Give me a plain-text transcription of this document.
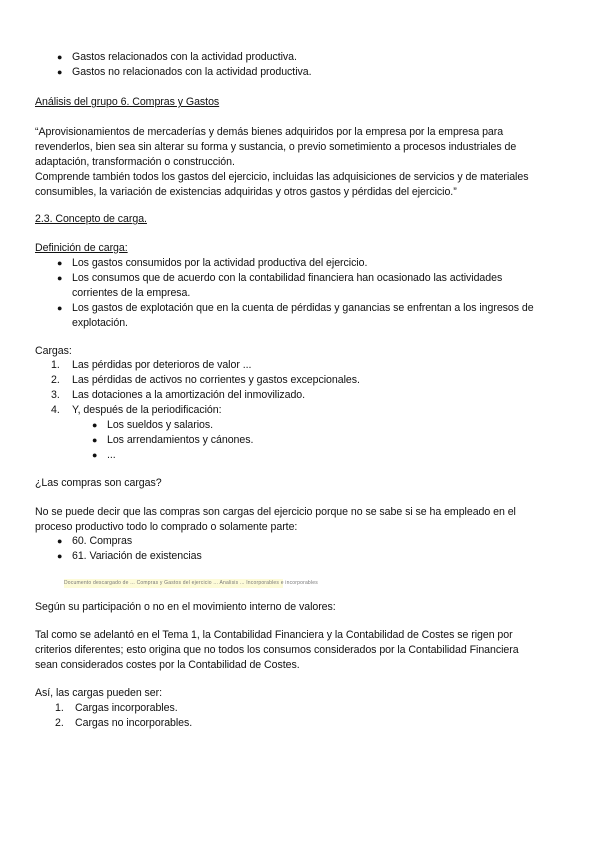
● Gastos relacionados con la actividad productiva.
● Gastos no relacionados con la actividad productiva.
Análisis del grupo 6. Compras y Gastos
“Aprovisionamientos de mercaderías y demás bienes adquiridos por la empresa por la empresa para
revenderlos, bien sea sin alterar su forma y sustancia, o previo sometimiento a procesos industriales de
adaptación, transformación o construcción.
Comprende también todos los gastos del ejercicio, incluidas las adquisiciones de servicios y de materiales
consumibles, la variación de existencias adquiridas y otros gastos y pérdidas del ejercicio.”
2.3. Concepto de carga.
Definición de carga:
● Los gastos consumidos por la actividad productiva del ejercicio.
● Los consumos que de acuerdo con la contabilidad financiera han ocasionado las actividades
corrientes de la empresa.
● Los gastos de explotación que en la cuenta de pérdidas y ganancias se enfrentan a los ingresos de
explotación.
Cargas:
1. Las pérdidas por deterioros de valor ...
2. Las pérdidas de activos no corrientes y gastos excepcionales.
3. Las dotaciones a la amortización del inmovilizado.
4. Y, después de la periodificación:
● Los sueldos y salarios.
● Los arrendamientos y cánones.
● ...
¿Las compras son cargas?
No se puede decir que las compras son cargas del ejercicio porque no se sabe si se ha empleado en el
proceso productivo todo lo comprado o solamente parte:
● 60. Compras
● 61. Variación de existencias
Documento descargado de ... Compras y Gastos del ejercicio ... Analisis ... Incorporables e incorporables
Según su participación o no en el movimiento interno de valores:
Tal como se adelantó en el Tema 1, la Contabilidad Financiera y la Contabilidad de Costes se rigen por
criterios diferentes; esto origina que no todos los consumos considerados por la Contabilidad Financiera
sean considerados costes por la Contabilidad de Costes.
Así, las cargas pueden ser:
1. Cargas incorporables.
2. Cargas no incorporables.
